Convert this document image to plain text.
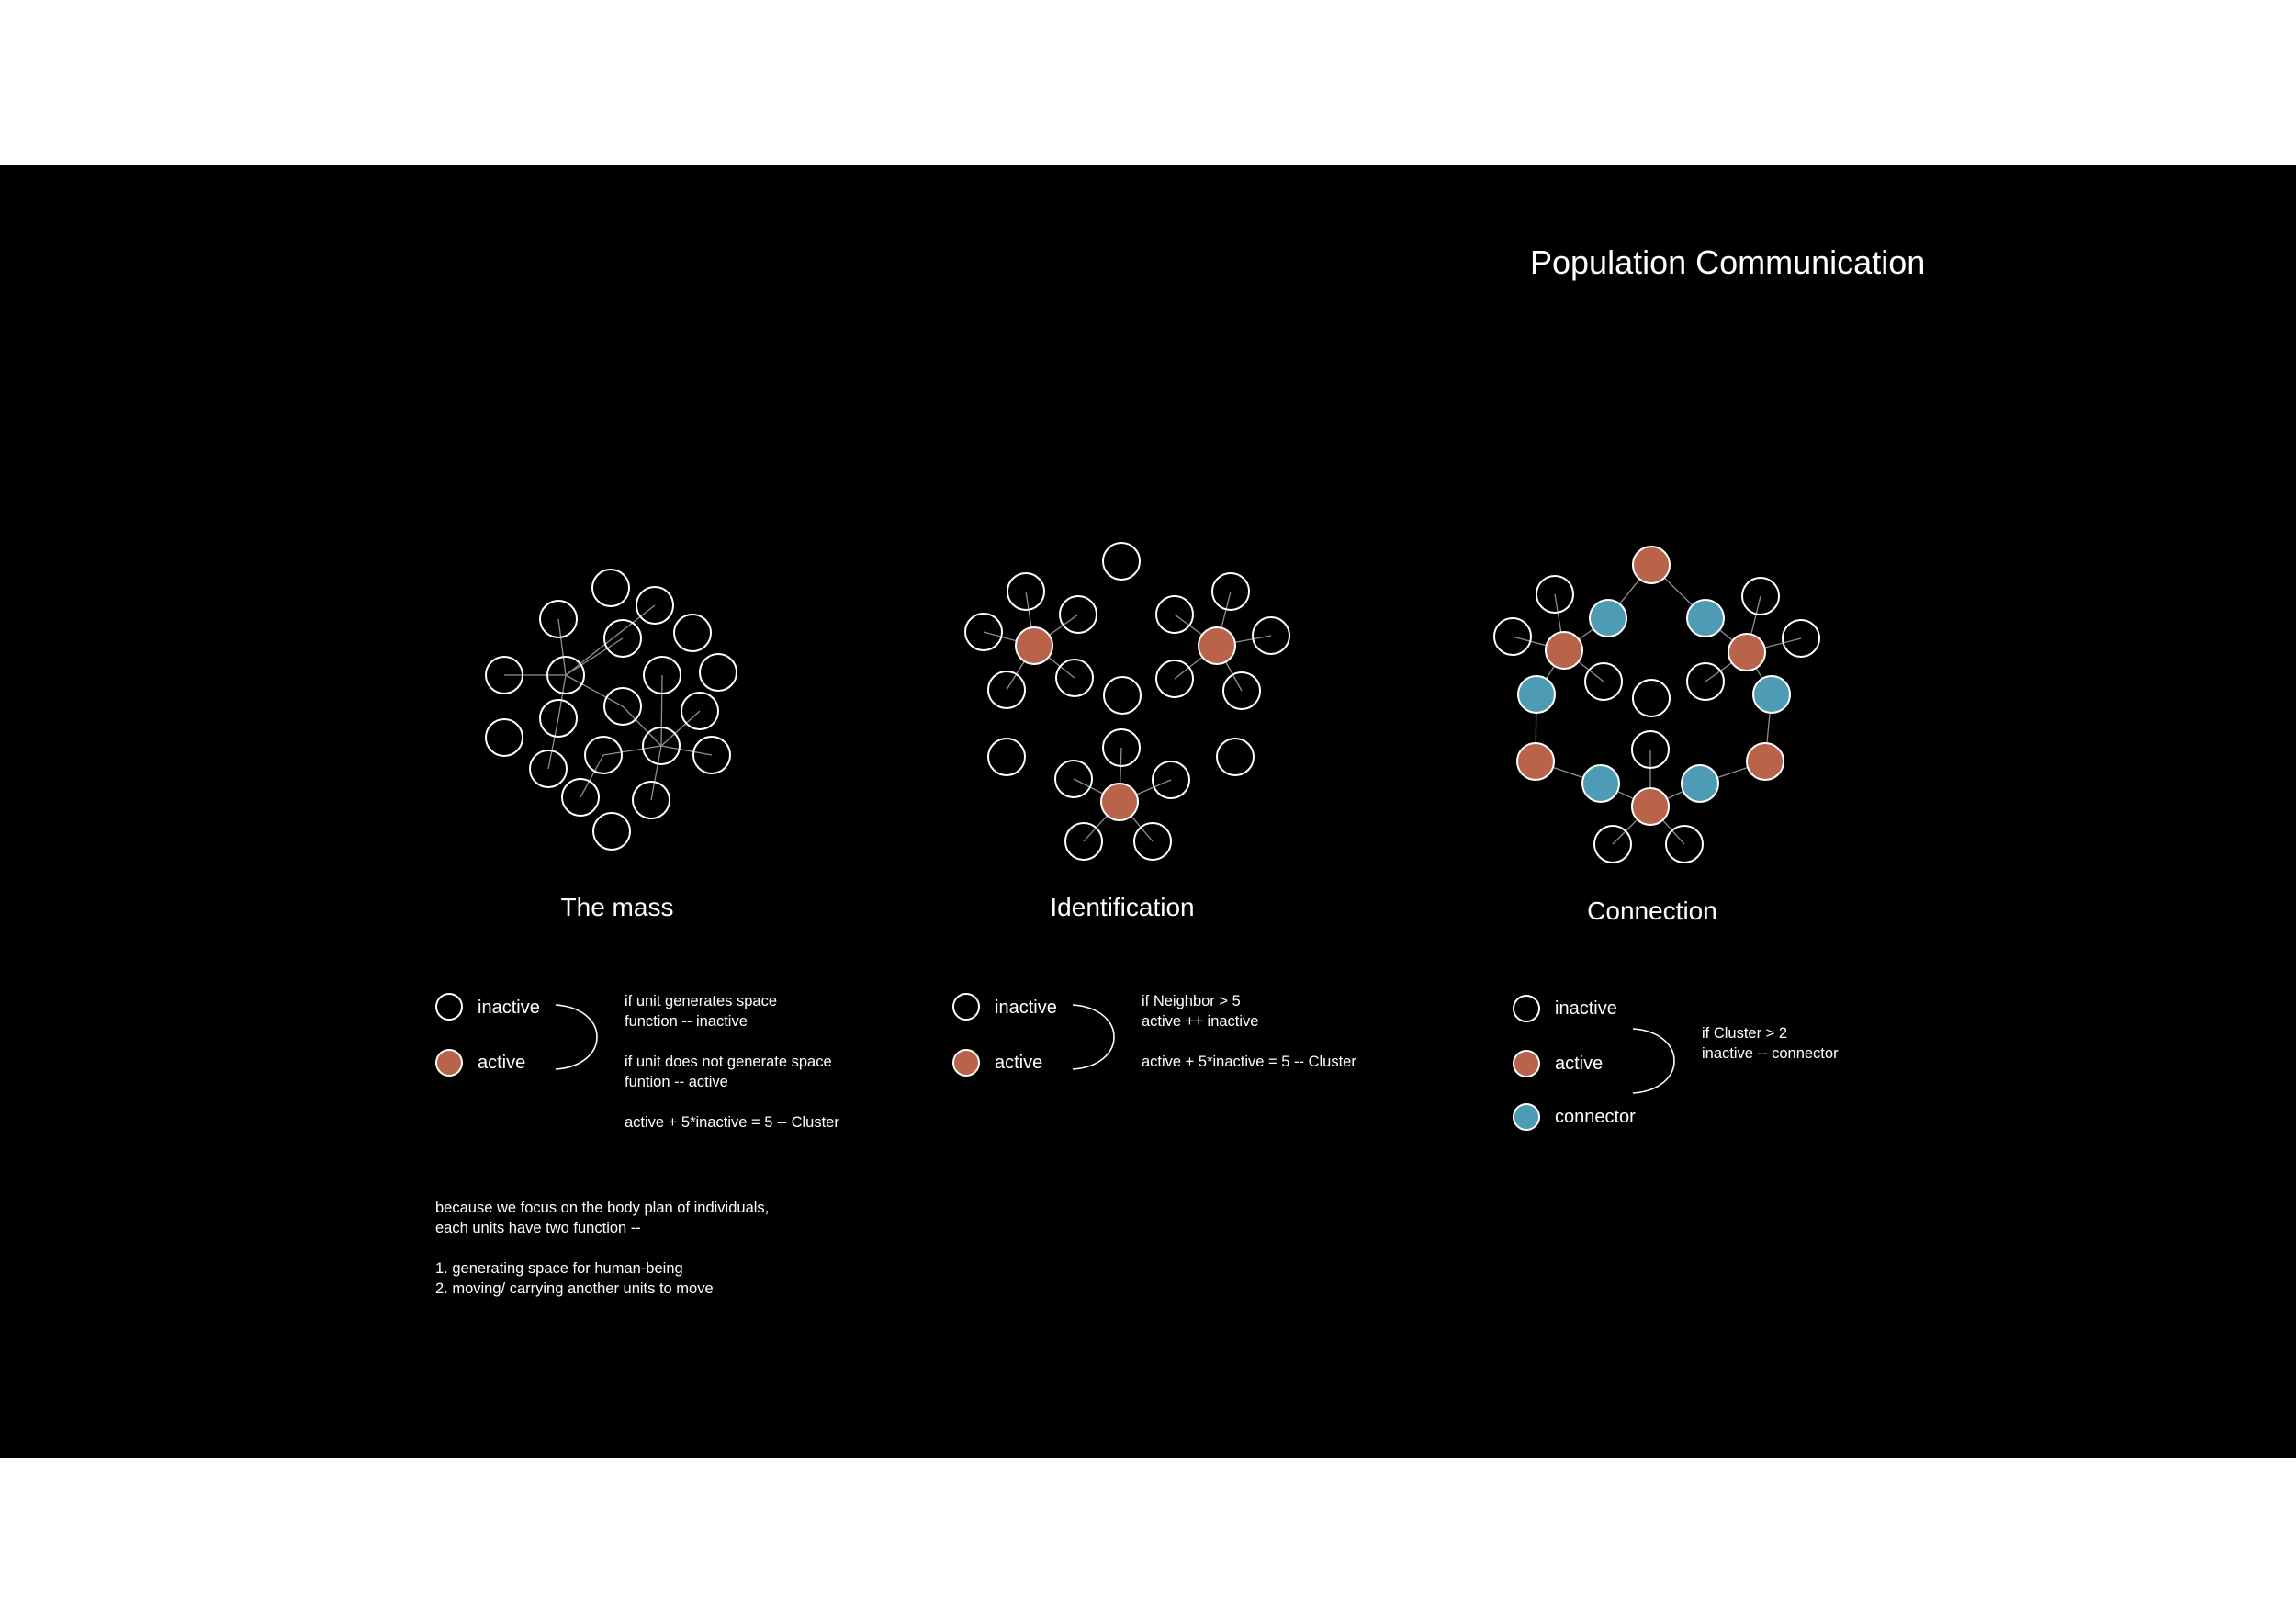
Population Communication
The mass	Identification	Connection
inactive
active
if unit generates space
function -- inactive
if unit does not generate space
funtion -- active
active + 5*inactive = 5 -- Cluster
inactive
active
if Neighbor > 5
active ++ inactive
active + 5*inactive = 5 -- Cluster
inactive
active
connector
if Cluster > 2
inactive -- connector
because we focus on the body plan of individuals,
each units have two function --
1. generating space for human-being
2. moving/ carrying another units to move
